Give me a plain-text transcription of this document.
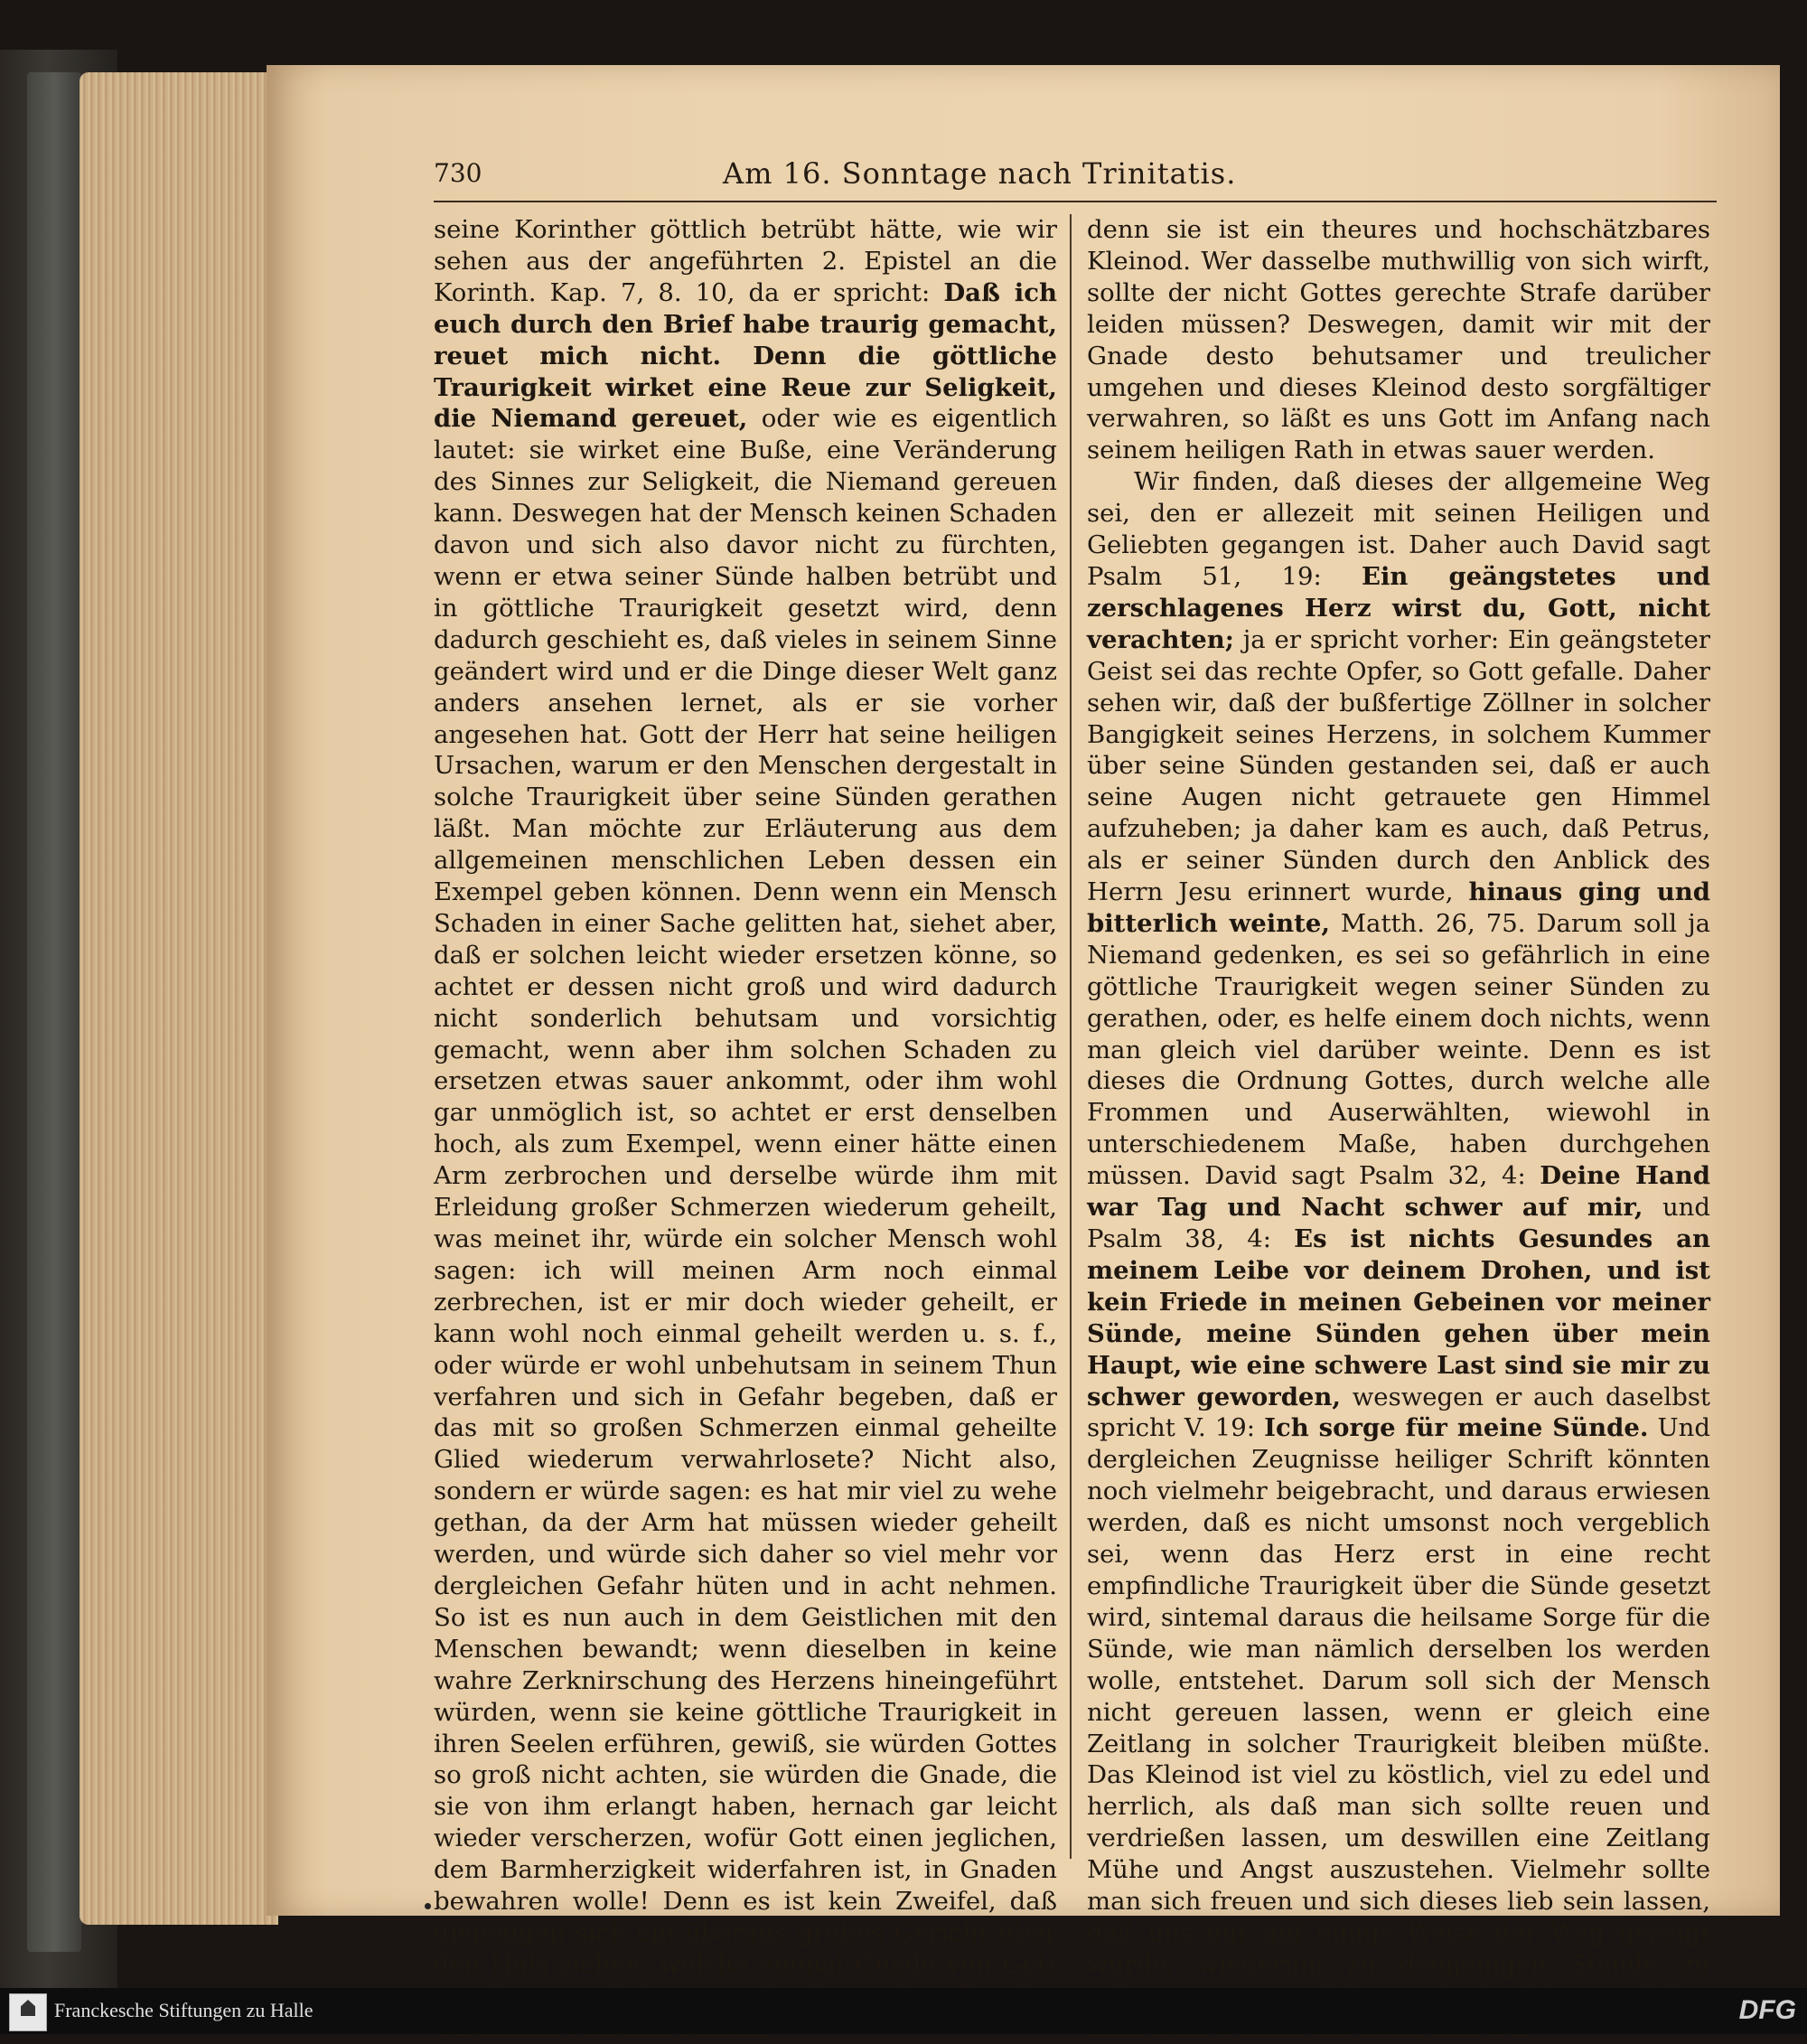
730	Am 16. Sonntage nach Trinitatis.

seine Korinther göttlich betrübt hätte, wie wir sehen aus der angeführten 2. Epistel an die Korinth. Kap. 7, 8. 10, da er spricht: Daß ich euch durch den Brief habe traurig gemacht, reuet mich nicht. Denn die göttliche Traurigkeit wirket eine Reue zur Seligkeit, die Niemand gereuet, oder wie es eigentlich lautet: sie wirket eine Buße, eine Veränderung des Sinnes zur Seligkeit, die Niemand gereuen kann. Deswegen hat der Mensch keinen Schaden davon und sich also davor nicht zu fürchten, wenn er etwa seiner Sünde halben betrübt und in göttliche Traurigkeit gesetzt wird, denn dadurch geschieht es, daß vieles in seinem Sinne geändert wird und er die Dinge dieser Welt ganz anders ansehen lernet, als er sie vorher angesehen hat. Gott der Herr hat seine heiligen Ursachen, warum er den Menschen dergestalt in solche Traurigkeit über seine Sünden gerathen läßt. Man möchte zur Erläuterung aus dem allgemeinen menschlichen Leben dessen ein Exempel geben können. Denn wenn ein Mensch Schaden in einer Sache gelitten hat, siehet aber, daß er solchen leicht wieder ersetzen könne, so achtet er dessen nicht groß und wird dadurch nicht sonderlich behutsam und vorsichtig gemacht, wenn aber ihm solchen Schaden zu ersetzen etwas sauer ankommt, oder ihm wohl gar unmöglich ist, so achtet er erst denselben hoch, als zum Exempel, wenn einer hätte einen Arm zerbrochen und derselbe würde ihm mit Erleidung großer Schmerzen wiederum geheilt, was meinet ihr, würde ein solcher Mensch wohl sagen: ich will meinen Arm noch einmal zerbrechen, ist er mir doch wieder geheilt, er kann wohl noch einmal geheilt werden u. s. f., oder würde er wohl unbehutsam in seinem Thun verfahren und sich in Gefahr begeben, daß er das mit so großen Schmerzen einmal geheilte Glied wiederum verwahrlosete? Nicht also, sondern er würde sagen: es hat mir viel zu wehe gethan, da der Arm hat müssen wieder geheilt werden, und würde sich daher so viel mehr vor dergleichen Gefahr hüten und in acht nehmen. So ist es nun auch in dem Geistlichen mit den Menschen bewandt; wenn dieselben in keine wahre Zerknirschung des Herzens hineingeführt würden, wenn sie keine göttliche Traurigkeit in ihren Seelen erführen, gewiß, sie würden Gottes so groß nicht achten, sie würden die Gnade, die sie von ihm erlangt haben, hernach gar leicht wieder verscherzen, wofür Gott einen jeglichen, dem Barmherzigkeit widerfahren ist, in Gnaden bewahren wolle! Denn es ist kein Zweifel, daß diejenigen sich ein überaus großes Gericht über den Hals ziehen, welche einmal Gnade von Gott

denn sie ist ein theures und hochschätzbares Kleinod. Wer dasselbe muthwillig von sich wirft, sollte der nicht Gottes gerechte Strafe darüber leiden müssen? Deswegen, damit wir mit der Gnade desto behutsamer und treulicher umgehen und dieses Kleinod desto sorgfältiger verwahren, so läßt es uns Gott im Anfang nach seinem heiligen Rath in etwas sauer werden.

Wir finden, daß dieses der allgemeine Weg sei, den er allezeit mit seinen Heiligen und Geliebten gegangen ist. Daher auch David sagt Psalm 51, 19: Ein geängstetes und zerschlagenes Herz wirst du, Gott, nicht verachten; ja er spricht vorher: Ein geängsteter Geist sei das rechte Opfer, so Gott gefalle. Daher sehen wir, daß der bußfertige Zöllner in solcher Bangigkeit seines Herzens, in solchem Kummer über seine Sünden gestanden sei, daß er auch seine Augen nicht getrauete gen Himmel aufzuheben; ja daher kam es auch, daß Petrus, als er seiner Sünden durch den Anblick des Herrn Jesu erinnert wurde, hinaus ging und bitterlich weinte, Matth. 26, 75. Darum soll ja Niemand gedenken, es sei so gefährlich in eine göttliche Traurigkeit wegen seiner Sünden zu gerathen, oder, es helfe einem doch nichts, wenn man gleich viel darüber weinte. Denn es ist dieses die Ordnung Gottes, durch welche alle Frommen und Auserwählten, wiewohl in unterschiedenem Maße, haben durchgehen müssen. David sagt Psalm 32, 4: Deine Hand war Tag und Nacht schwer auf mir, und Psalm 38, 4: Es ist nichts Gesundes an meinem Leibe vor deinem Drohen, und ist kein Friede in meinen Gebeinen vor meiner Sünde, meine Sünden gehen über mein Haupt, wie eine schwere Last sind sie mir zu schwer geworden, weswegen er auch daselbst spricht V. 19: Ich sorge für meine Sünde. Und dergleichen Zeugnisse heiliger Schrift könnten noch vielmehr beigebracht, und daraus erwiesen werden, daß es nicht umsonst noch vergeblich sei, wenn das Herz erst in eine recht empfindliche Traurigkeit über die Sünde gesetzt wird, sintemal daraus die heilsame Sorge für die Sünde, wie man nämlich derselben los werden wolle, entstehet. Darum soll sich der Mensch nicht gereuen lassen, wenn er gleich eine Zeitlang in solcher Traurigkeit bleiben müßte. Das Kleinod ist viel zu köstlich, viel zu edel und herrlich, als daß man sich sollte reuen und verdrießen lassen, um deswillen eine Zeitlang Mühe und Angst auszustehen. Vielmehr sollte man sich freuen und sich dieses lieb sein lassen, daß uns nur auf einige Weise der Weg gezeigt würde, wiederum zu demjenigen Stande zu

Franckesche Stiftungen zu Halle	DFG
